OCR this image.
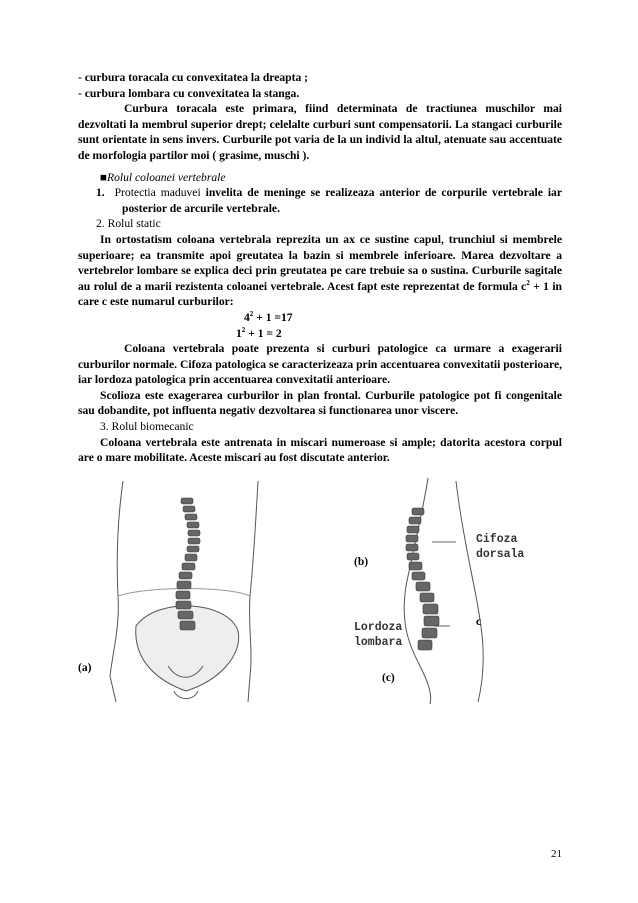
- curbura toracala cu convexitatea la dreapta ;

- curbura lombara cu convexitatea la stanga.

Curbura toracala este primara, fiind determinata de tractiunea muschilor mai dezvoltati la membrul superior drept; celelalte curburi sunt compensatorii. La stangaci curburile sunt orientate in sens invers. Curburile pot varia de la un individ la altul, atenuate sau accentuate de morfologia partilor moi ( grasime, muschi ).

■Rolul coloanei vertebrale

1. Protectia maduvei invelita de meninge se realizeaza anterior de corpurile vertebrale iar posterior de arcurile vertebrale.

2. Rolul static

In ortostatism coloana vertebrala reprezita un ax ce sustine capul, trunchiul si membrele superioare; ea transmite apoi greutatea la bazin si membrele inferioare. Marea dezvoltare a vertebrelor lombare se explica deci prin greutatea pe care trebuie sa o sustina. Curburile sagitale au rolul de a marii rezistenta coloanei vertebrale. Acest fapt este reprezentat de formula $c^2 + 1$ in care c este numarul curburilor:

$4^2 + 1 =17$

$1^2 + 1 = 2$

Coloana vertebrala poate prezenta si curburi patologice ca urmare a exagerarii curburilor normale. Cifoza patologica se caracterizeaza prin accentuarea convexitatii posterioare, iar lordoza patologica prin accentuarea convexitatii anterioare.

Scolioza este exagerarea curburilor in plan frontal. Curburile patologice pot fi congenitale sau dobandite, pot influenta negativ dezvoltarea si functionarea unor viscere.

3. Rolul biomecanic

Coloana vertebrala este antrenata in miscari numeroase si ample; datorita acestora corpul are o mare mobilitate. Aceste miscari au fost discutate anterior.

(a)
(b)
(c)
Cifoza
dorsala
Lordoza
lombara
c
21
